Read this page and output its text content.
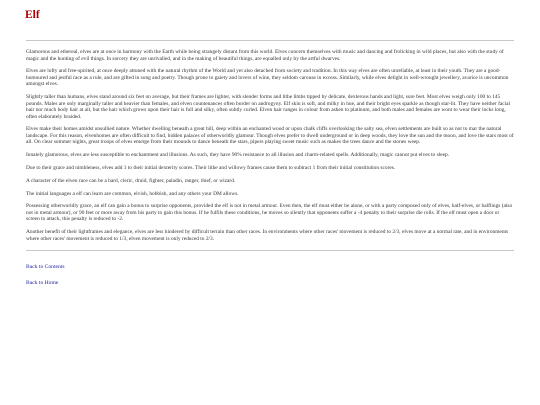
Elf

Glamorous and ethereal, elves are at once in harmony with the Earth while being strangely distant from this world. Elves concern themselves with music and dancing and frolicking in wild places, but also with the study of magic and the hunting of evil things. In sorcery they are unrivalled, and in the making of beautiful things, are equalled only by the artful dwarves.

Elves are lofty and free-spirited, at once deeply attuned with the natural rhythm of the World and yet also detached from society and tradition. In this way elves are often unreliable, at least in their youth. They are a good-humoured and jestful race as a rule, and are gifted in song and poetry. Though prone to gaiety and lovers of wine, they seldom carouse in excess. Similarly, while elves delight in well-wrought jewellery, avarice is uncommon amongst elves.

Slightly taller than humans, elves stand around six feet on average, but their frames are lighter, with slender forms and lithe limbs tipped by delicate, dexterous hands and light, sure feet. Most elves weigh only 100 to 145 pounds. Males are only marginally taller and heavier than females, and elven countenances often border on androgyny. Elf skin is soft, and milky in hue, and their bright eyes sparkle as though star-lit. They have neither facial hair nor much body hair at all, but the hair which grows upon their hair is full and silky, often subtly curled. Elven hair ranges in colour from ashen to platinum, and both males and females are wont to wear their locks long, often elaborately braided.

Elves make their homes amidst unsullied nature. Whether dwelling beneath a great hill, deep within an enchanted wood or upon chalk cliffs overlooking the salty sea, elven settlements are built so as not to mar the natural landscape. For this reason, elvenhomes are often difficult to find, hidden palaces of otherworldly glamour. Though elves prefer to dwell underground or in deep woods, they love the sun and the moon, and love the stars most of all. On clear summer nights, great troops of elves emerge from their mounds to dance beneath the stars, pipers playing sweet music such as makes the trees dance and the stones weep.

Innately glamorous, elves are less susceptible to enchantment and illusions. As such, they have 90% resistance to all illusion and charm-related spells. Additionally, magic cannot put elves to sleep.

Due to their grace and nimbleness, elves add 1 to their initial dexterity scores. Their lithe and willowy frames cause them to subtract 1 from their initial constitution scores.

A character of the elven race can be a bard, cleric, druid, fighter, paladin, ranger, thief, or wizard.

The initial languages a elf can learn are common, elvish, hobbish, and any others your DM allows.

Possessing otherworldly grace, an elf can gain a bonus to surprise opponents, provided the elf is not in metal armour. Even then, the elf must either be alone, or with a party composed only of elves, half-elves, or halflings (also not in metal armour), or 90 feet or more away from his party to gain this bonus. If he fulfils these conditions, he moves so silently that opponents suffer a -4 penalty to their surprise die rolls. If the elf must open a door or screen to attack, this penalty is reduced to -2.

Another benefit of their lightframes and elegance, elves are less hindered by difficult terrain than other races. In environments where other races' movement is reduced to 2/3, elves move at a normal rate, and in environments where other races' movement is reduced to 1/3, elven movement is only reduced to 2/3.

Back to Contents
Back to Home
